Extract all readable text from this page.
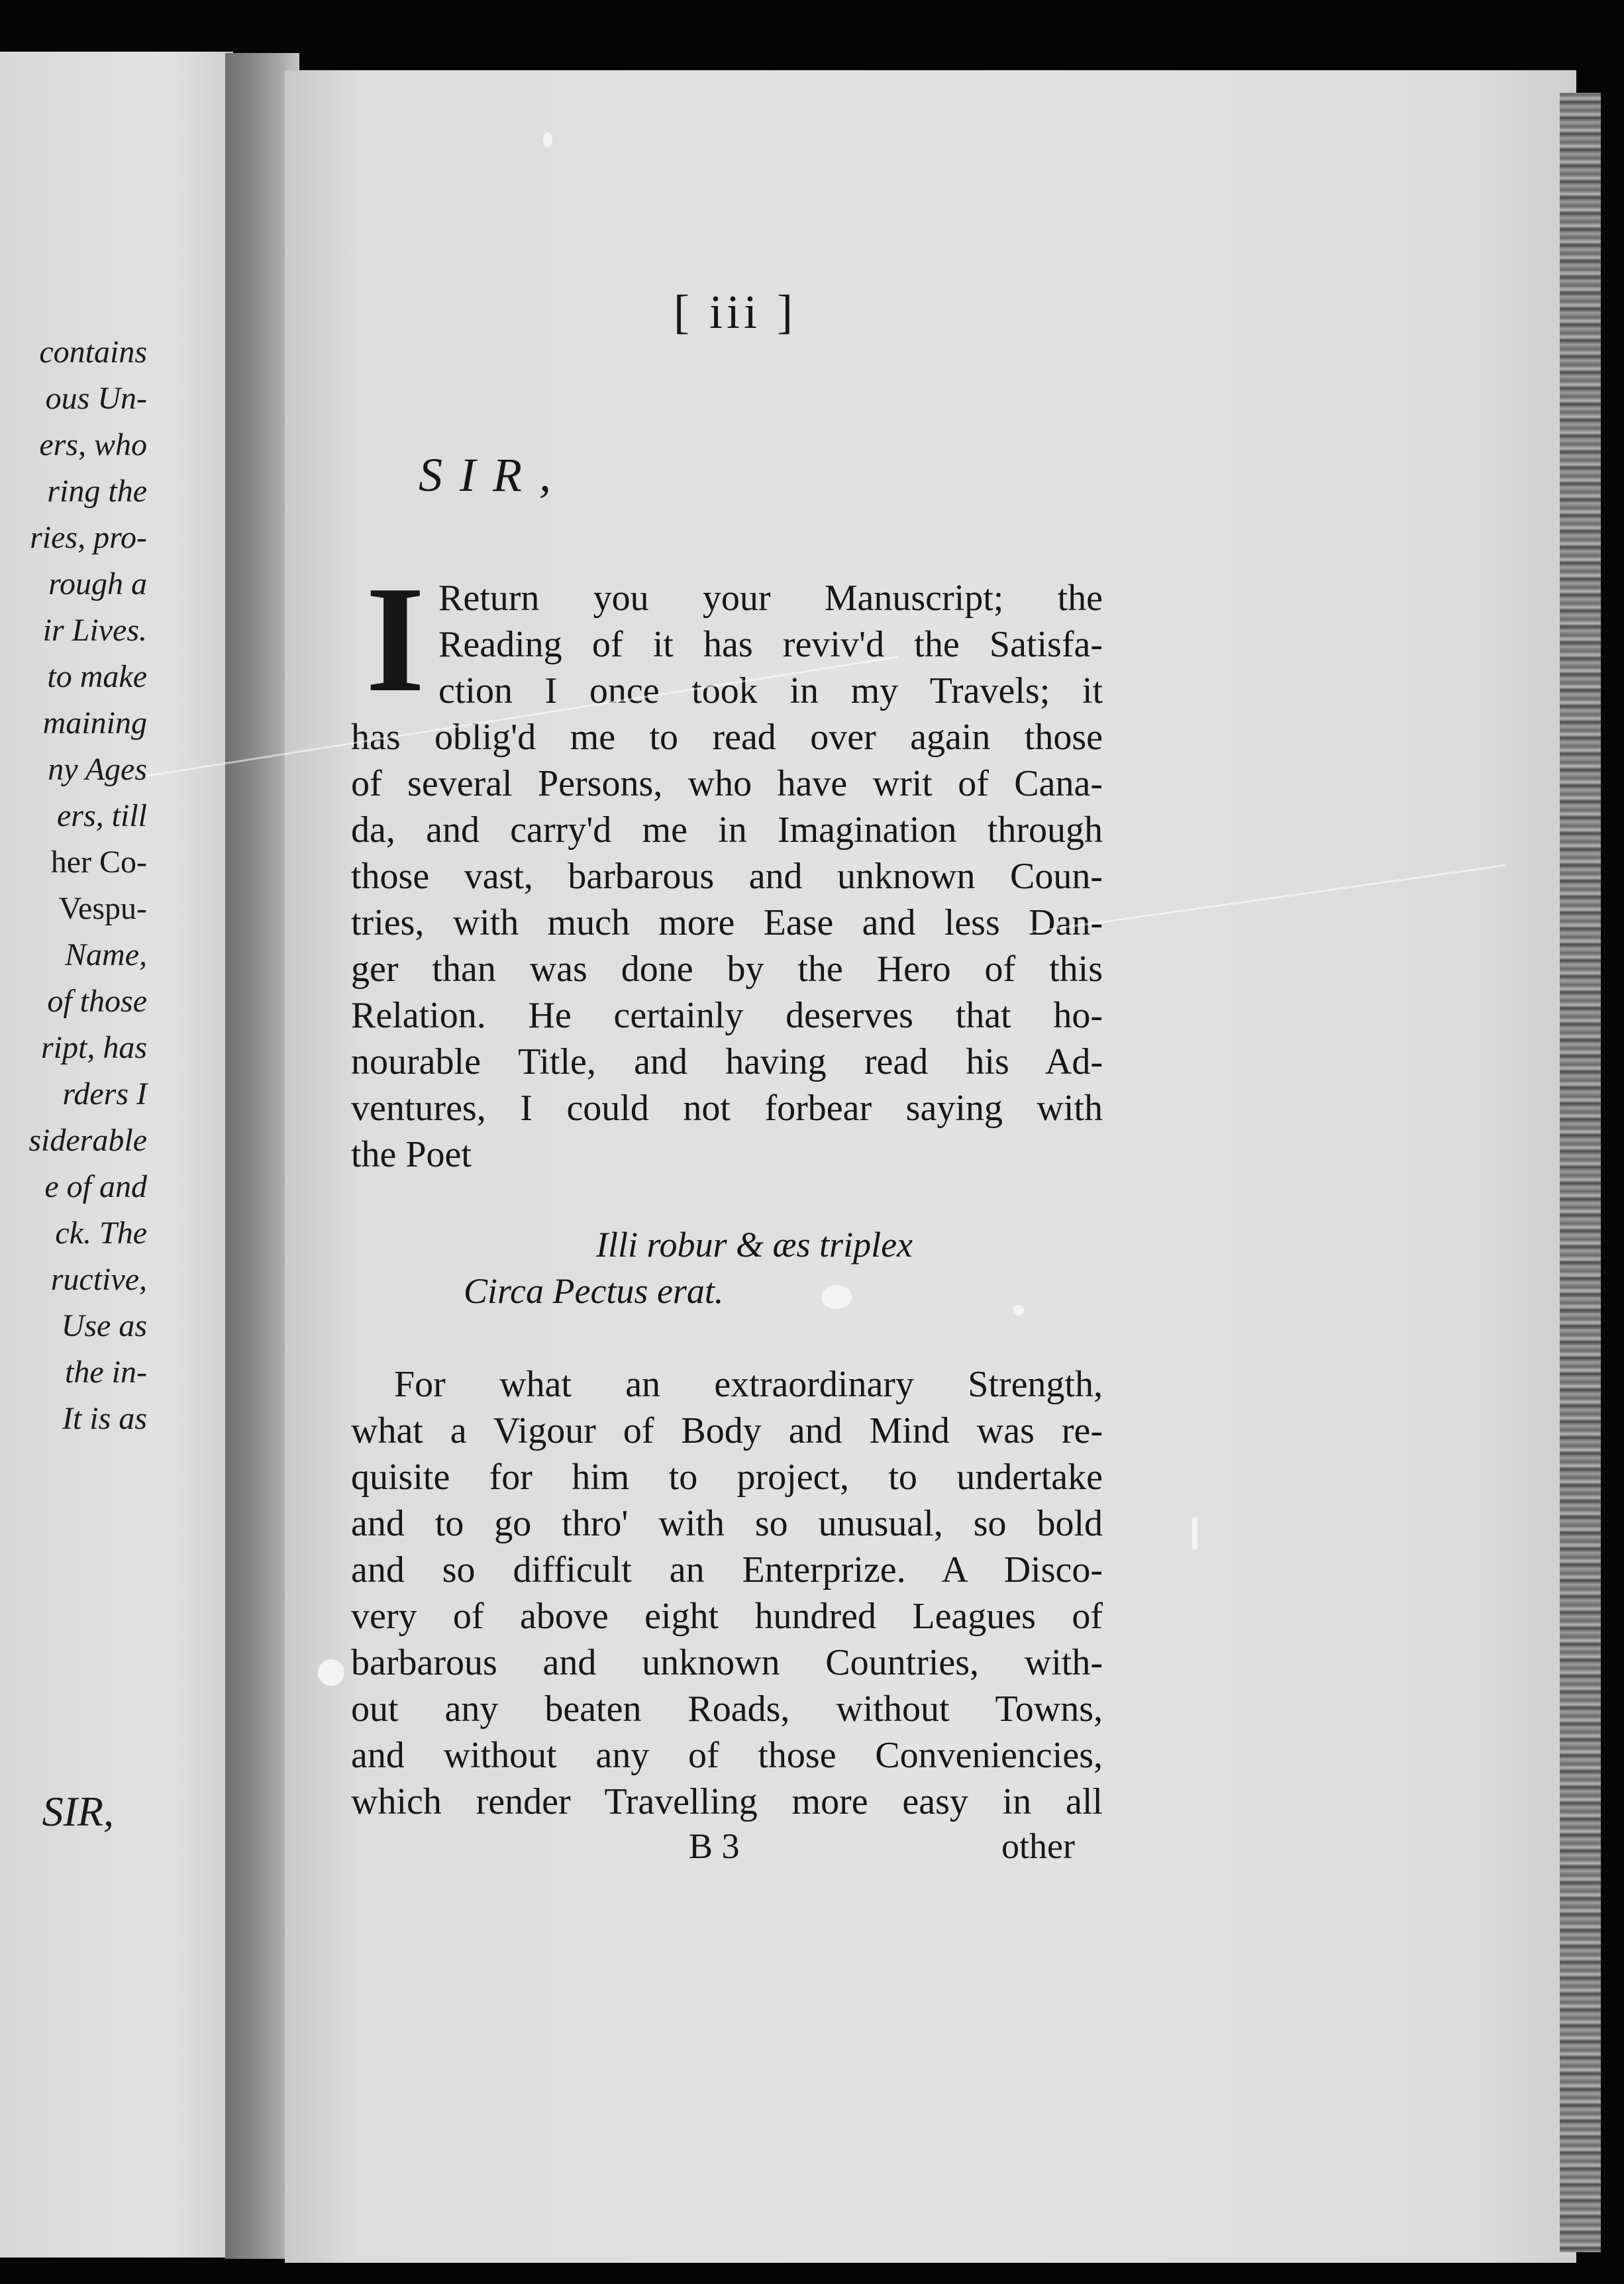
contains
ous Un-
ers, who
ring the
ries, pro-
rough a
ir Lives.
to make
maining
ny Ages
ers, till
her Co-
Vespu-
Name,
of those
ript, has
rders I
siderable
e of and
ck. The
ructive,
Use as
the in-
It is as
SIR,
[ iii ]
SIR,
I Return you your Manuscript; the
Reading of it has reviv'd the Satisfa-
ction I once took in my Travels; it
has oblig'd me to read over again those
of several Persons, who have writ of Cana-
da, and carry'd me in Imagination through
those vast, barbarous and unknown Coun-
tries, with much more Ease and less Dan-
ger than was done by the Hero of this
Relation. He certainly deserves that ho-
nourable Title, and having read his Ad-
ventures, I could not forbear saying with
the Poet
Illi robur & æs triplex
Circa Pectus erat.
For what an extraordinary Strength,
what a Vigour of Body and Mind was re-
quisite for him to project, to undertake
and to go thro' with so unusual, so bold
and so difficult an Enterprize. A Disco-
very of above eight hundred Leagues of
barbarous and unknown Countries, with-
out any beaten Roads, without Towns,
and without any of those Conveniencies,
which render Travelling more easy in all
B 3	other
